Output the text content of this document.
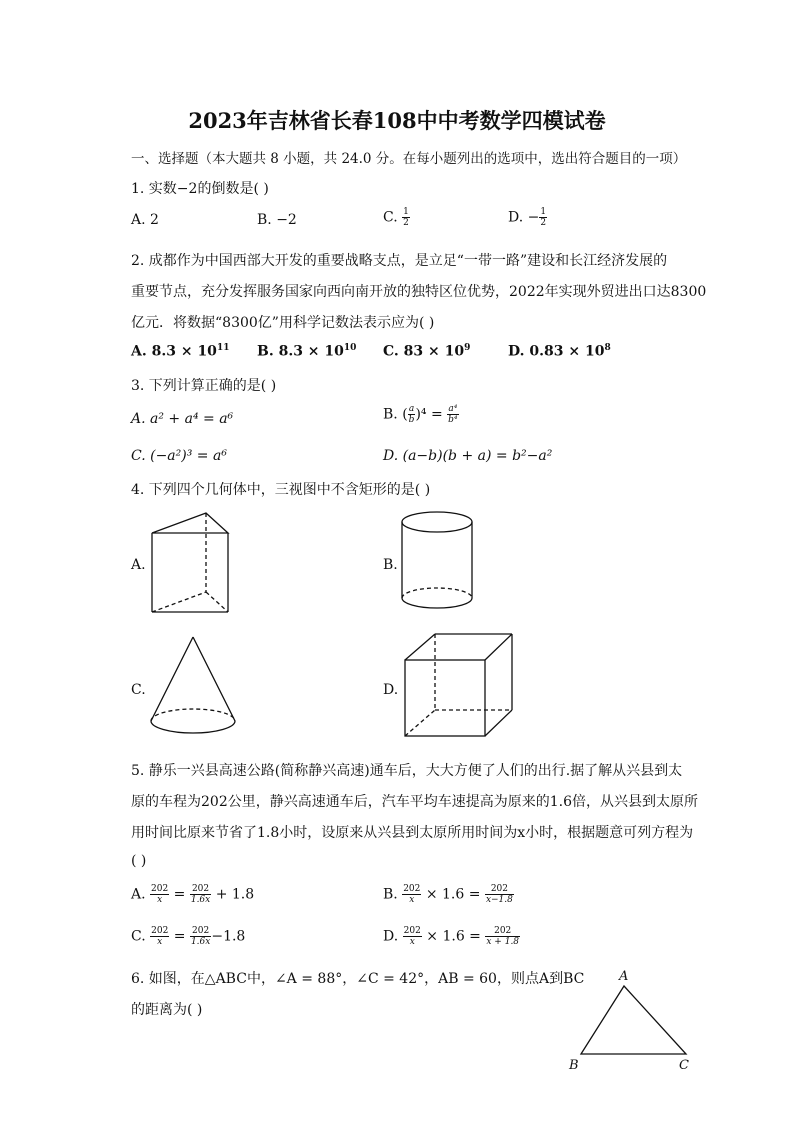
2023年吉林省长春108中中考数学四模试卷
一、选择题（本大题共 8 小题，共 24.0 分。在每小题列出的选项中，选出符合题目的一项）
1. 实数−2的倒数是( )
A. 2	B. −2	C. $\frac{1}{2}$	D. − $\frac{1}{2}$
2. 成都作为中国西部大开发的重要战略支点，是立足“一带一路”建设和长江经济发展的
重要节点，充分发挥服务国家向西向南开放的独特区位优势，2022年实现外贸进出口达8300
亿元．将数据“8300亿”用科学记数法表示应为( )
A. $8.3 \times 10^{11}$ B. $8.3 \times 10^{10}$ C. $83 \times 10^9$	D. $0.83 \times 10^8$
3. 下列计算正确的是( )
A. a² + a⁴ = a⁶	B. ( $\frac{a}{b} )^4 = \frac{\text{a⁴}}{\text{b⁴}}$
C. (−a²)³ = a⁶	D. (a−b)(b + a) = b²−a²
4. 下列四个几何体中，三视图中不含矩形的是( )
A.	B.
C.	D.
5. 静乐一兴县高速公路(简称静兴高速)通车后，大大方便了人们的出行.据了解从兴县到太
原的车程为202公里，静兴高速通车后，汽车平均车速提高为原来的1.6倍，从兴县到太原所
用时间比原来节省了1.8小时，设原来从兴县到太原所用时间为x小时，根据题意可列方程为
( )
A. $\frac{202}{x} = \frac{202}{1.6x} + 1.8$	B. $\frac{202}{x} \times 1.6 = \frac{202}{x-1.8}$
C. $\frac{202}{x} = \frac{202}{1.6x} -1.8$	D. $\frac{202}{x} \times 1.6 = \frac{202}{x + 1.8}$
6. 如图，在△ABC中，∠A = 88°，∠C = 42°，AB = 60，则点A到BC
的距离为( )
A
B	C
